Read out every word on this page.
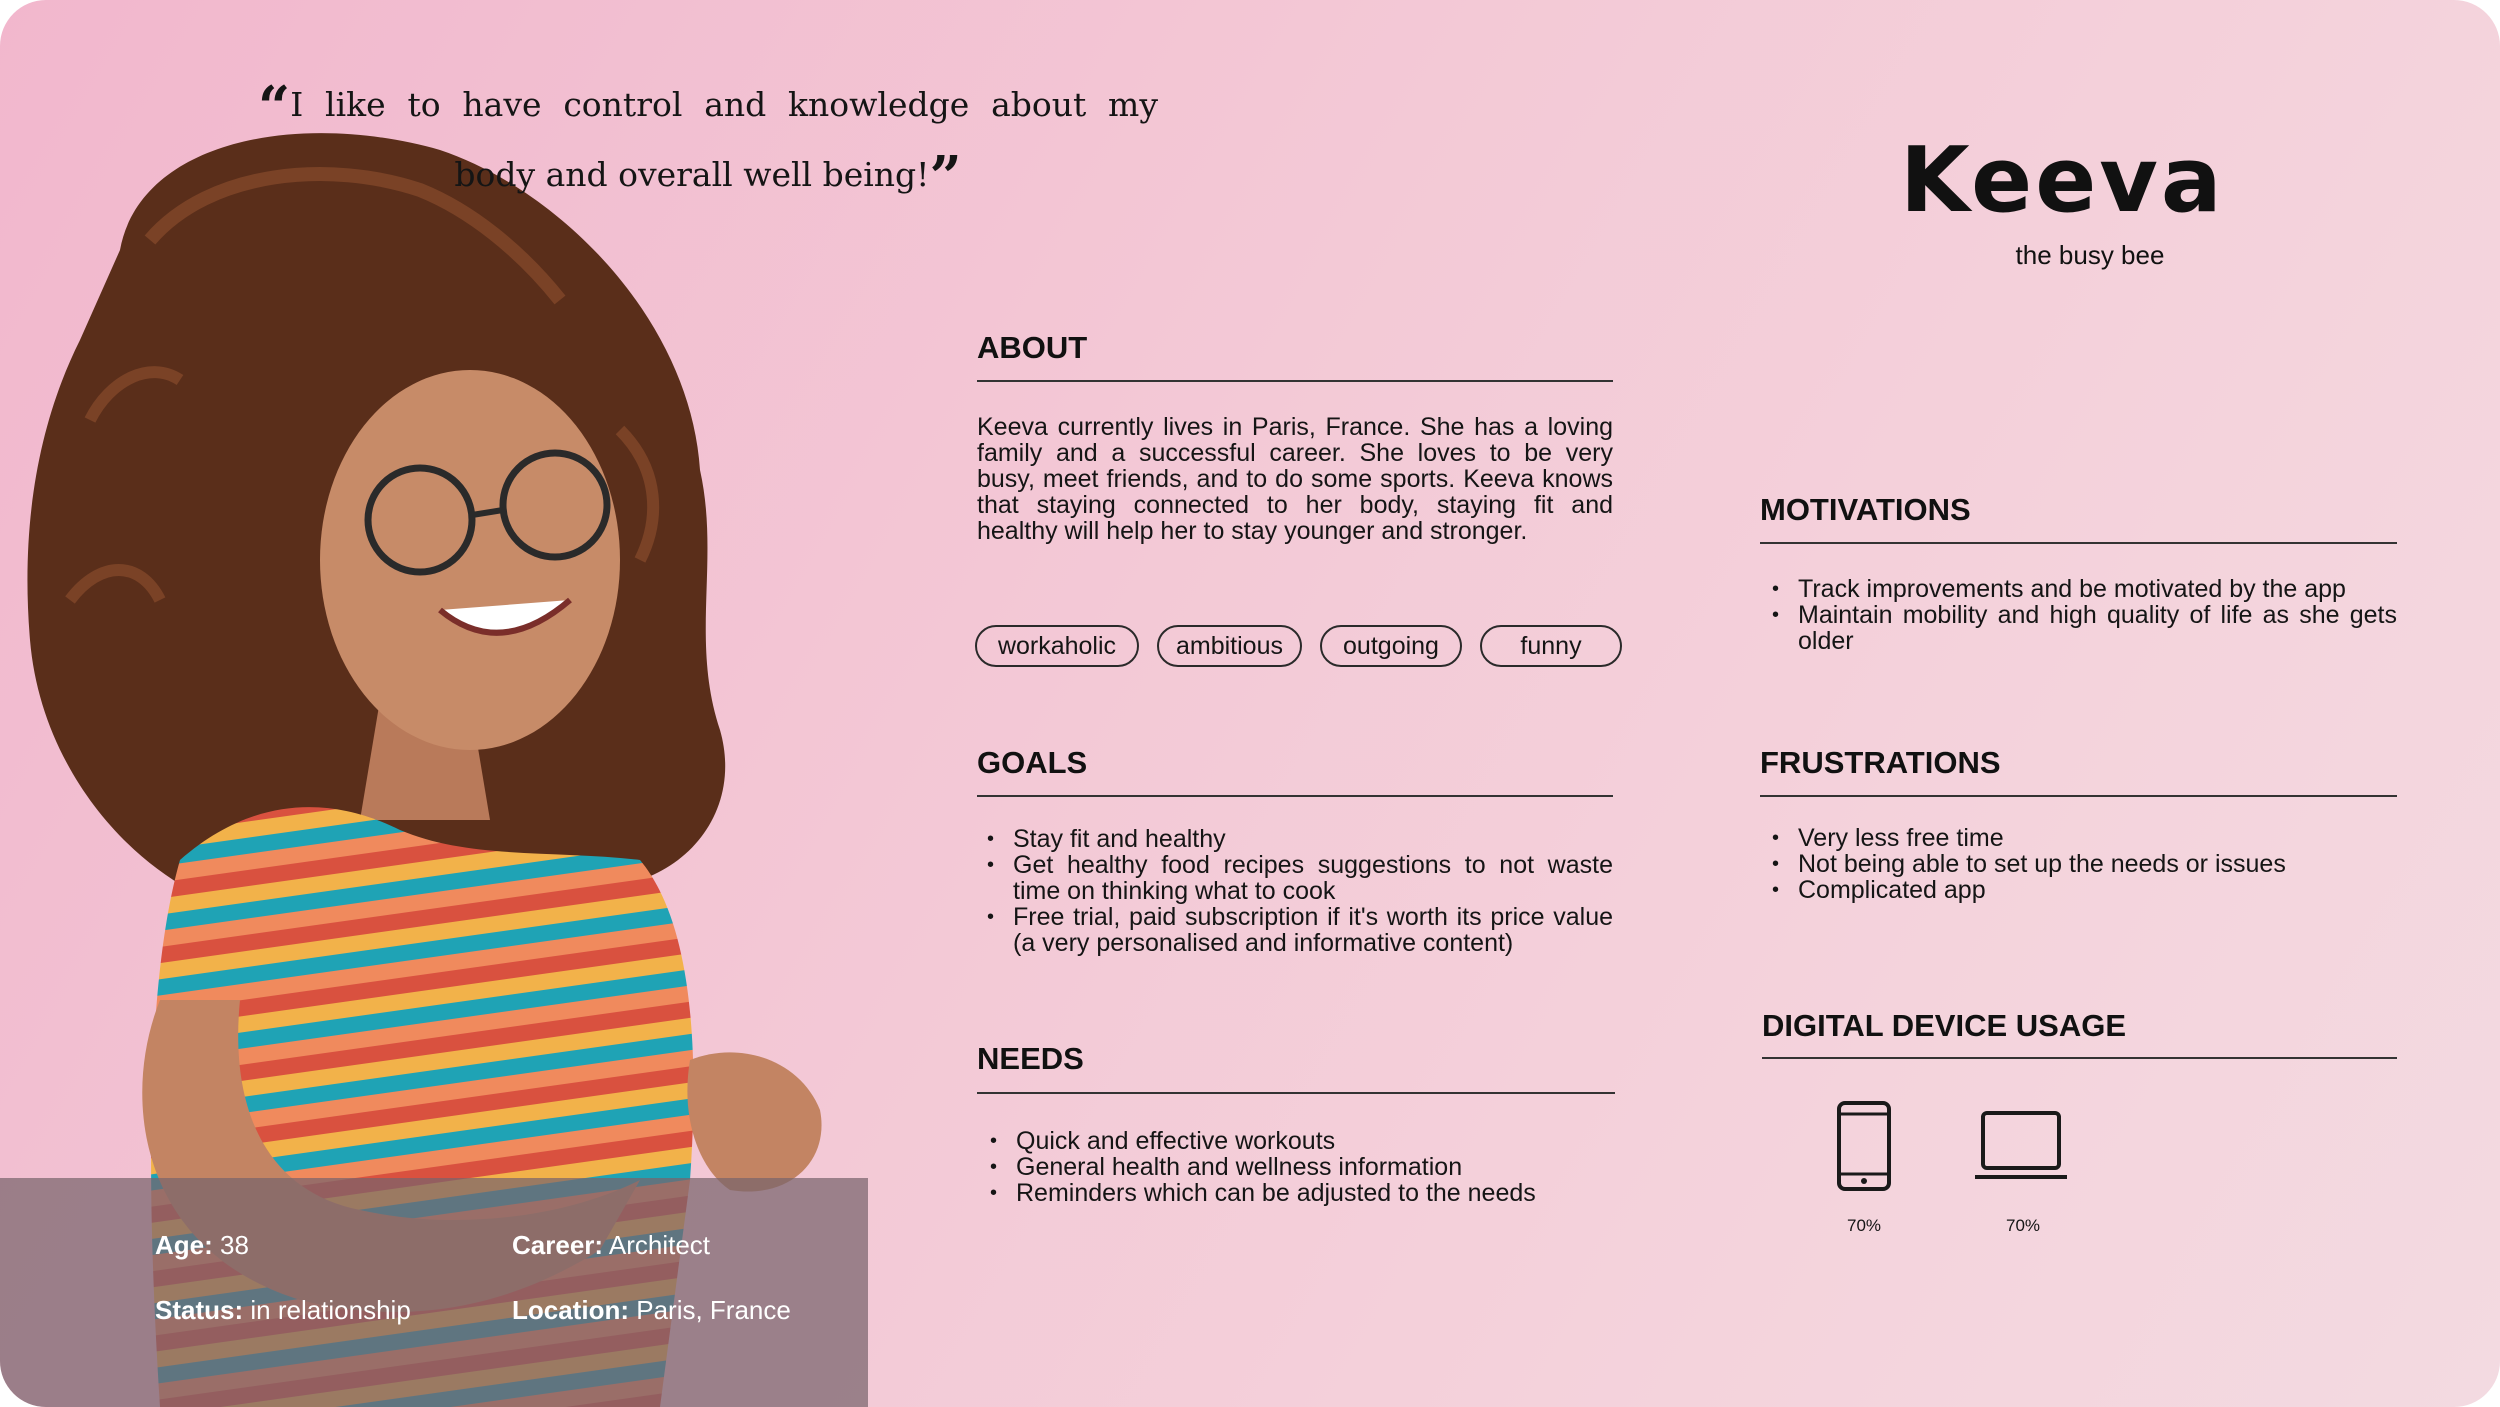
“I like to have control and knowledge about my body and overall well being!”
Age: 38	Career: Architect
Status: in relationship	Location: Paris, France
Keeva
the busy bee
ABOUT
Keeva currently lives in Paris, France. She has a loving family and a successful career. She loves to be very busy, meet friends, and to do some sports. Keeva knows that staying connected to her body, staying fit and healthy will help her to stay younger and stronger.
workaholic	ambitious	outgoing	funny
GOALS
• Stay fit and healthy
• Get healthy food recipes suggestions to not waste time on thinking what to cook
• Free trial, paid subscription if it's worth its price value (a very personalised and informative content)
NEEDS
• Quick and effective workouts
• General health and wellness information
• Reminders which can be adjusted to the needs
MOTIVATIONS
• Track improvements and be motivated by the app
• Maintain mobility and high quality of life as she gets older
FRUSTRATIONS
• Very less free time
• Not being able to set up the needs or issues
• Complicated app
DIGITAL DEVICE USAGE
70%	70%
